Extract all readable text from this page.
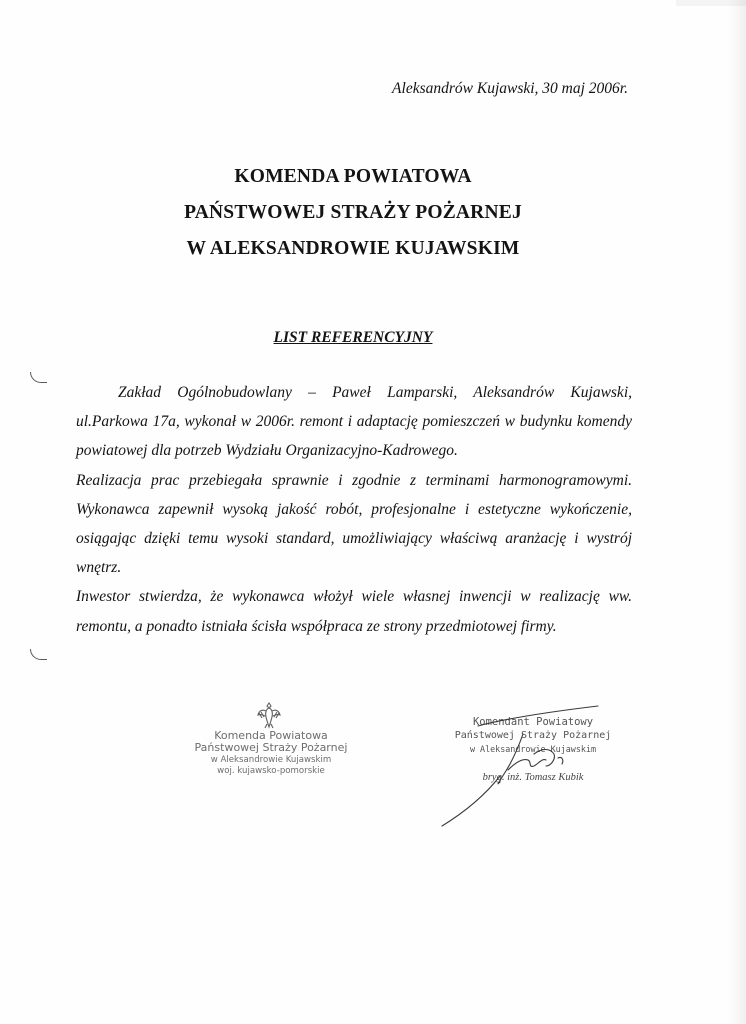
Aleksandrów Kujawski, 30 maj 2006r.
KOMENDA POWIATOWA
PAŃSTWOWEJ STRAŻY POŻARNEJ
W ALEKSANDROWIE KUJAWSKIM
LIST REFERENCYJNY

Zakład Ogólnobudowlany – Paweł Lamparski, Aleksandrów Kujawski, ul.Parkowa 17a, wykonał w 2006r. remont i adaptację pomieszczeń w budynku komendy powiatowej dla potrzeb Wydziału Organizacyjno-Kadrowego.

Realizacja prac przebiegała sprawnie i zgodnie z terminami harmonogramowymi. Wykonawca zapewnił wysoką jakość robót, profesjonalne i estetyczne wykończenie, osiągając dzięki temu wysoki standard, umożliwiający właściwą aranżację i wystrój wnętrz.

Inwestor stwierdza, że wykonawca włożył wiele własnej inwencji w realizację ww. remontu, a ponadto istniała ścisła współpraca ze strony przedmiotowej firmy.

Komenda Powiatowa
Państwowej Straży Pożarnej
w Aleksandrowie Kujawskim
woj. kujawsko-pomorskie
Komendant Powiatowy
Państwowej Straży Pożarnej
w Aleksandrowie Kujawskim
bryg. inż. Tomasz Kubik
